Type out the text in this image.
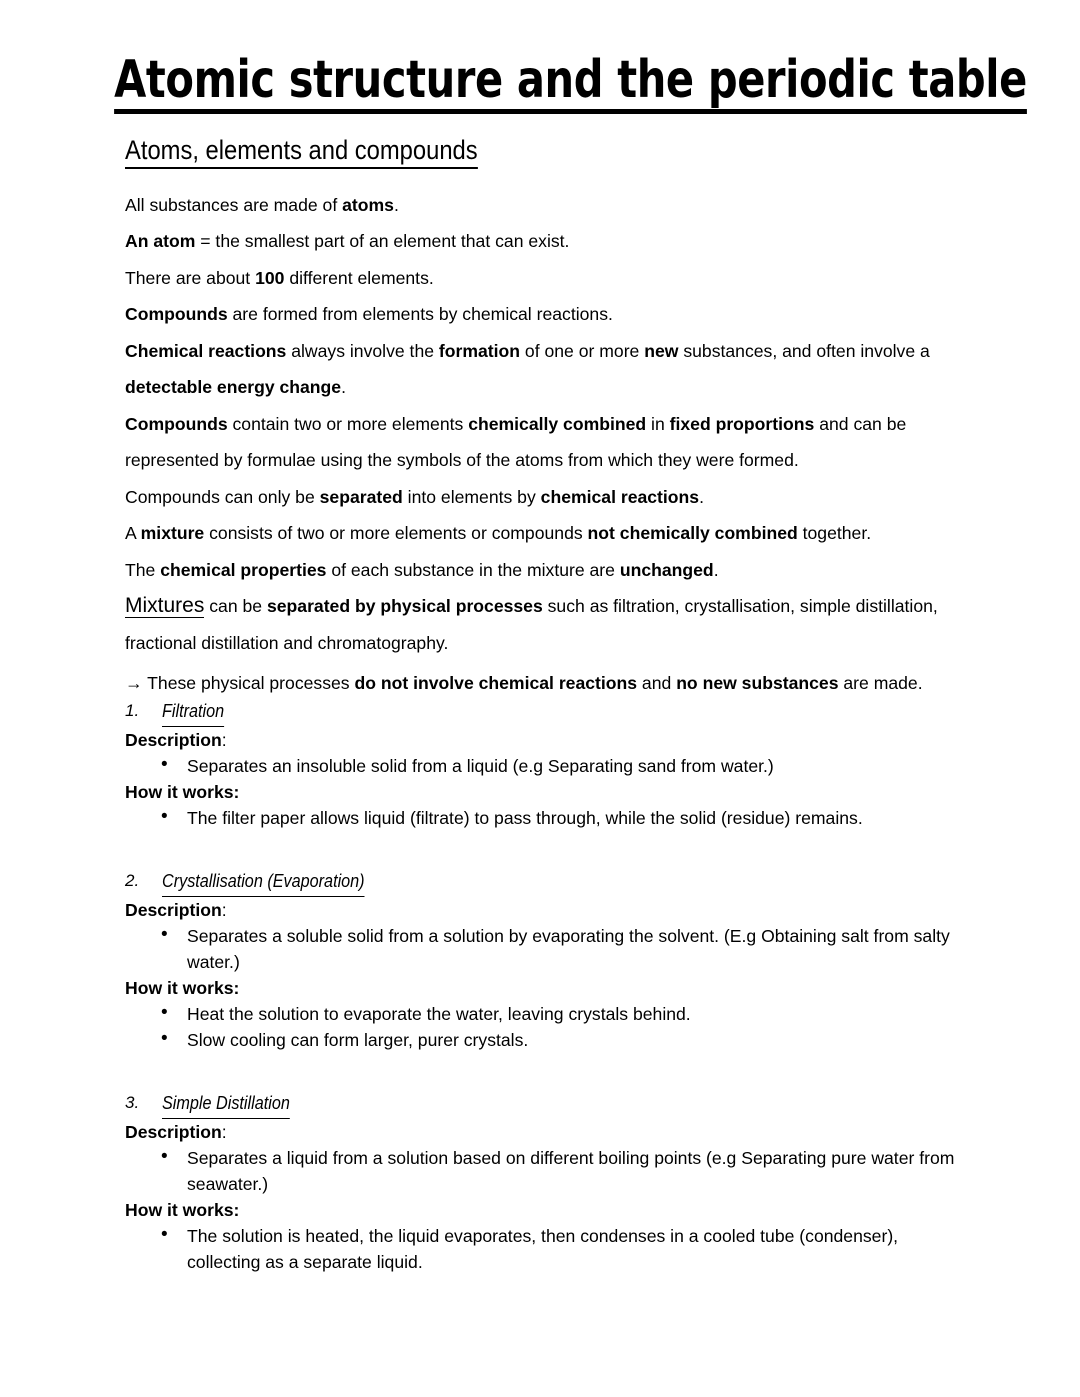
Atomic structure and the periodic table
Atoms, elements and compounds

All substances are made of atoms.

An atom = the smallest part of an element that can exist.

There are about 100 different elements.

Compounds are formed from elements by chemical reactions.

Chemical reactions always involve the formation of one or more new substances, and often involve a detectable energy change.

Compounds contain two or more elements chemically combined in fixed proportions and can be represented by formulae using the symbols of the atoms from which they were formed.

Compounds can only be separated into elements by chemical reactions.

A mixture consists of two or more elements or compounds not chemically combined together.

The chemical properties of each substance in the mixture are unchanged.

Mixtures can be separated by physical processes such as filtration, crystallisation, simple distillation, fractional distillation and chromatography.

→ These physical processes do not involve chemical reactions and no new substances are made.

1. Filtration

Description:

• Separates an insoluble solid from a liquid (e.g Separating sand from water.)

How it works:

• The filter paper allows liquid (filtrate) to pass through, while the solid (residue) remains.

2. Crystallisation (Evaporation)

Description:

• Separates a soluble solid from a solution by evaporating the solvent. (E.g Obtaining salt from salty water.)

How it works:

• Heat the solution to evaporate the water, leaving crystals behind.
• Slow cooling can form larger, purer crystals.

3. Simple Distillation

Description:

• Separates a liquid from a solution based on different boiling points (e.g Separating pure water from seawater.)

How it works:

• The solution is heated, the liquid evaporates, then condenses in a cooled tube (condenser), collecting as a separate liquid.
